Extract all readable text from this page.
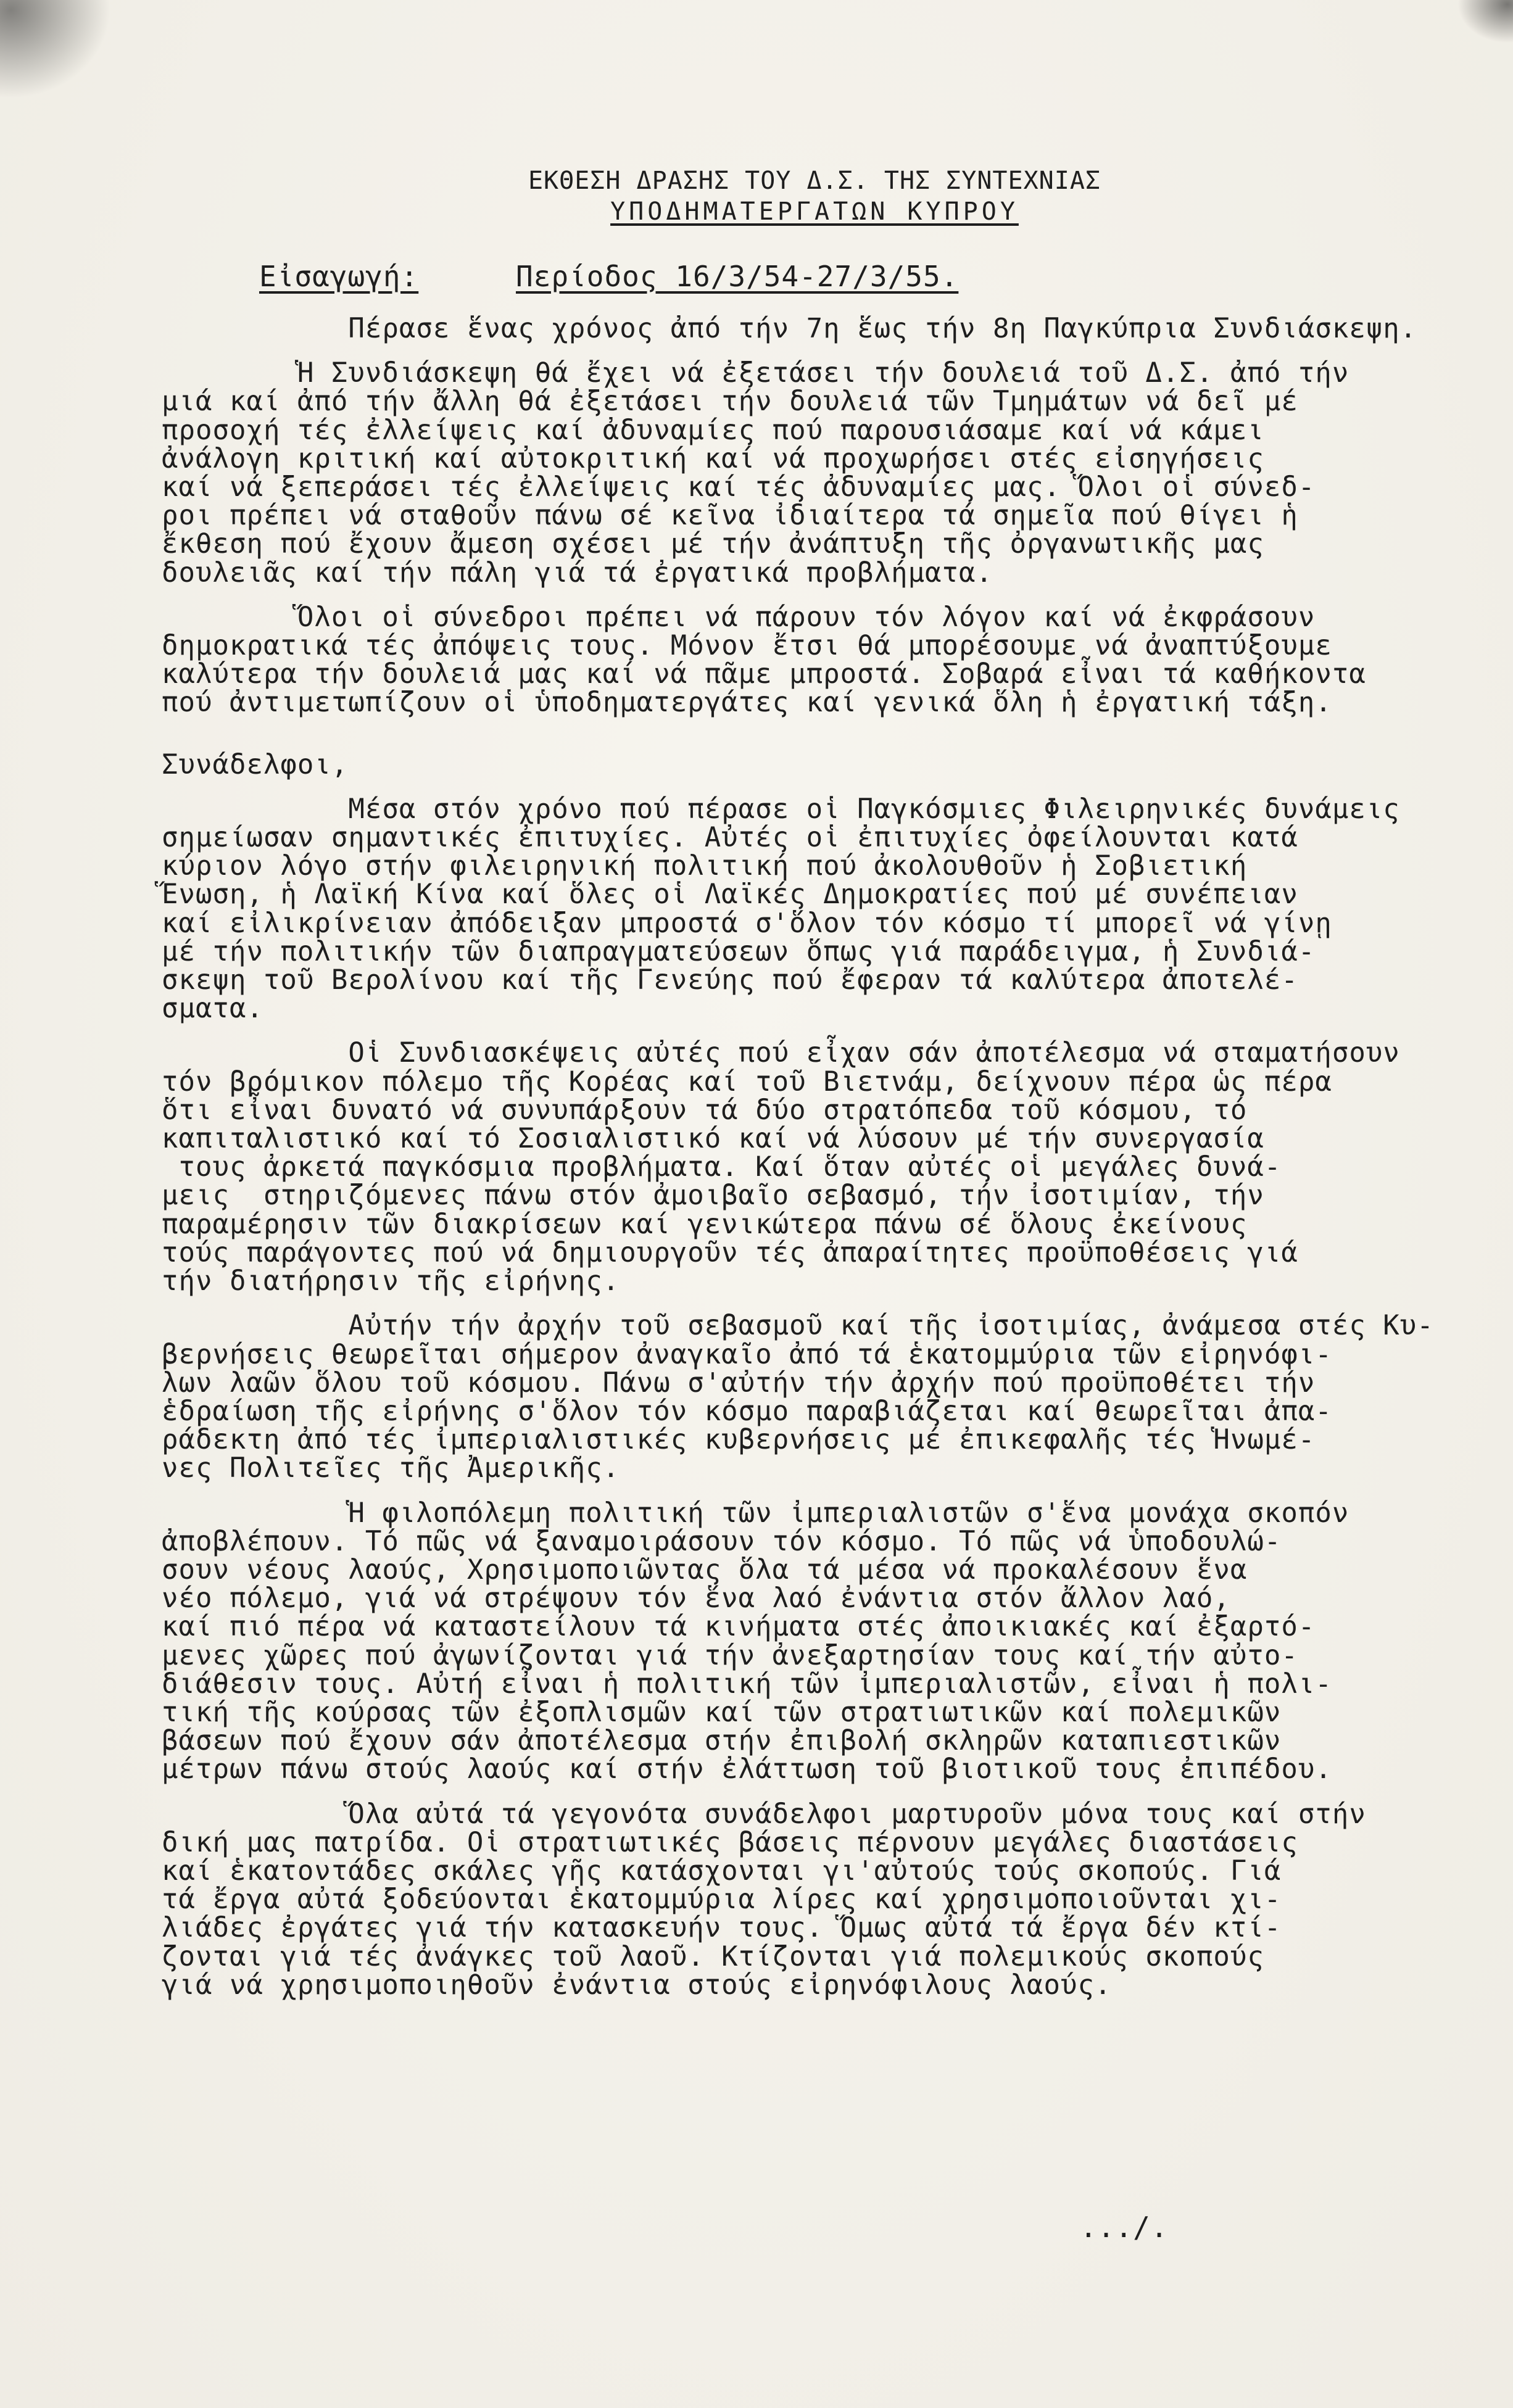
ΕΚΘΕΣΗ ΔΡΑΣΗΣ ΤΟΥ Δ.Σ. ΤΗΣ ΣΥΝΤΕΧΝΙΑΣ
ΥΠΟΔΗΜΑΤΕΡΓΑΤΩΝ ΚΥΠΡΟΥ
Εἰσαγωγή:	Περίοδος 16/3/54-27/3/55.

Πέρασε ἕνας χρόνος ἀπό τήν 7η ἕως τήν 8η Παγκύπρια Συνδιάσκεψη.

Ἡ Συνδιάσκεψη θά ἔχει νά ἐξετάσει τήν δουλειά τοῦ Δ.Σ. ἀπό τήν
μιά καί ἀπό τήν ἄλλη θά ἐξετάσει τήν δουλειά τῶν Τμημάτων νά δεῖ μέ
προσοχή τές ἐλλείψεις καί ἀδυναμίες πού παρουσιάσαμε καί νά κάμει
ἀνάλογη κριτική καί αὐτοκριτική καί νά προχωρήσει στές εἰσηγήσεις
καί νά ξεπεράσει τές ἐλλείψεις καί τές ἀδυναμίες μας. Ὅλοι οἱ σύνεδ-
ροι πρέπει νά σταθοῦν πάνω σέ κεῖνα ἰδιαίτερα τά σημεῖα πού θίγει ἡ
ἔκθεση πού ἔχουν ἄμεση σχέσει μέ τήν ἀνάπτυξη τῆς ὀργανωτικῆς μας
δουλειᾶς καί τήν πάλη γιά τά ἐργατικά προβλήματα.

Ὅλοι οἱ σύνεδροι πρέπει νά πάρουν τόν λόγον καί νά ἐκφράσουν
δημοκρατικά τές ἀπόψεις τους. Μόνον ἔτσι θά μπορέσουμε νά ἀναπτύξουμε
καλύτερα τήν δουλειά μας καί νά πᾶμε μπροστά. Σοβαρά εἶναι τά καθήκοντα
πού ἀντιμετωπίζουν οἱ ὑποδηματεργάτες καί γενικά ὅλη ἡ ἐργατική τάξη.

Συνάδελφοι,

Μέσα στόν χρόνο πού πέρασε οἱ Παγκόσμιες Φιλειρηνικές δυνάμεις
σημείωσαν σημαντικές ἐπιτυχίες. Αὐτές οἱ ἐπιτυχίες ὀφείλουνται κατά
κύριον λόγο στήν φιλειρηνική πολιτική πού ἀκολουθοῦν ἡ Σοβιετική
Ἕνωση, ἡ Λαϊκή Κίνα καί ὅλες οἱ Λαϊκές Δημοκρατίες πού μέ συνέπειαν
καί εἰλικρίνειαν ἀπόδειξαν μπροστά σ'ὅλον τόν κόσμο τί μπορεῖ νά γίνῃ
μέ τήν πολιτικήν τῶν διαπραγματεύσεων ὅπως γιά παράδειγμα, ἡ Συνδιά-
σκεψη τοῦ Βερολίνου καί τῆς Γενεύης πού ἔφεραν τά καλύτερα ἀποτελέ-
σματα.

Οἱ Συνδιασκέψεις αὐτές πού εἶχαν σάν ἀποτέλεσμα νά σταματήσουν
τόν βρόμικον πόλεμο τῆς Κορέας καί τοῦ Βιετνάμ, δείχνουν πέρα ὡς πέρα
ὅτι εἶναι δυνατό νά συνυπάρξουν τά δύο στρατόπεδα τοῦ κόσμου, τό
καπιταλιστικό καί τό Σοσιαλιστικό καί νά λύσουν μέ τήν συνεργασία
τους ἀρκετά παγκόσμια προβλήματα. Καί ὅταν αὐτές οἱ μεγάλες δυνά-
μεις  στηριζόμενες πάνω στόν ἀμοιβαῖο σεβασμό, τήν ἰσοτιμίαν, τήν
παραμέρησιν τῶν διακρίσεων καί γενικώτερα πάνω σέ ὅλους ἐκείνους
τούς παράγοντες πού νά δημιουργοῦν τές ἀπαραίτητες προϋποθέσεις γιά
τήν διατήρησιν τῆς εἰρήνης.

Αὐτήν τήν ἀρχήν τοῦ σεβασμοῦ καί τῆς ἰσοτιμίας, ἀνάμεσα στές Κυ-
βερνήσεις θεωρεῖται σήμερον ἀναγκαῖο ἀπό τά ἑκατομμύρια τῶν εἰρηνόφι-
λων λαῶν ὅλου τοῦ κόσμου. Πάνω σ'αὐτήν τήν ἀρχήν πού προϋποθέτει τήν
ἑδραίωση τῆς εἰρήνης σ'ὅλον τόν κόσμο παραβιάζεται καί θεωρεῖται ἀπα-
ράδεκτη ἀπό τές ἰμπεριαλιστικές κυβερνήσεις μέ ἐπικεφαλῆς τές Ἡνωμέ-
νες Πολιτεῖες τῆς Ἀμερικῆς.

Ἡ φιλοπόλεμη πολιτική τῶν ἰμπεριαλιστῶν σ'ἕνα μονάχα σκοπόν
ἀποβλέπουν. Τό πῶς νά ξαναμοιράσουν τόν κόσμο. Τό πῶς νά ὑποδουλώ-
σουν νέους λαούς, Χρησιμοποιῶντας ὅλα τά μέσα νά προκαλέσουν ἕνα
νέο πόλεμο, γιά νά στρέψουν τόν ἕνα λαό ἐνάντια στόν ἄλλον λαό,
καί πιό πέρα νά καταστείλουν τά κινήματα στές ἀποικιακές καί ἐξαρτό-
μενες χῶρες πού ἀγωνίζονται γιά τήν ἀνεξαρτησίαν τους καί τήν αὐτο-
διάθεσιν τους. Αὐτή εἶναι ἡ πολιτική τῶν ἰμπεριαλιστῶν, εἶναι ἡ πολι-
τική τῆς κούρσας τῶν ἐξοπλισμῶν καί τῶν στρατιωτικῶν καί πολεμικῶν
βάσεων πού ἔχουν σάν ἀποτέλεσμα στήν ἐπιβολή σκληρῶν καταπιεστικῶν
μέτρων πάνω στούς λαούς καί στήν ἐλάττωση τοῦ βιοτικοῦ τους ἐπιπέδου.

Ὅλα αὐτά τά γεγονότα συνάδελφοι μαρτυροῦν μόνα τους καί στήν
δική μας πατρίδα. Οἱ στρατιωτικές βάσεις πέρνουν μεγάλες διαστάσεις
καί ἑκατοντάδες σκάλες γῆς κατάσχονται γι'αὐτούς τούς σκοπούς. Γιά
τά ἔργα αὐτά ξοδεύονται ἑκατομμύρια λίρες καί χρησιμοποιοῦνται χι-
λιάδες ἐργάτες γιά τήν κατασκευήν τους. Ὅμως αὐτά τά ἔργα δέν κτί-
ζονται γιά τές ἀνάγκες τοῦ λαοῦ. Κτίζονται γιά πολεμικούς σκοπούς
γιά νά χρησιμοποιηθοῦν ἐνάντια στούς εἰρηνόφιλους λαούς.

.../.
